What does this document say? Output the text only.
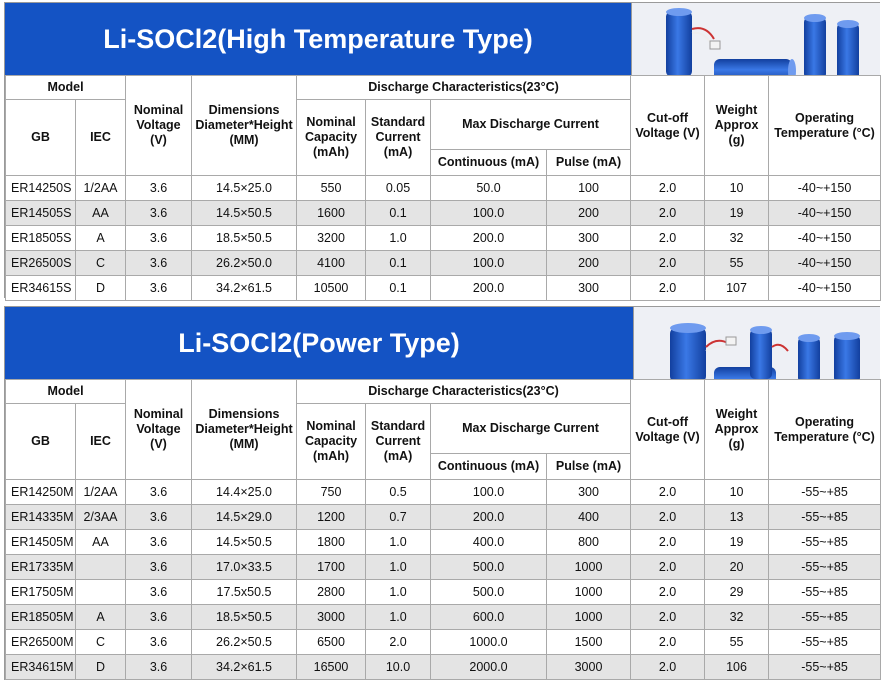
Li-SOCl2(High Temperature Type)
Model		Nominal Voltage (V)	Dimensions Diameter*Height (MM)	Discharge Characteristics(23°C)				Cut-off Voltage (V)	Weight Approx (g)	Operating Temperature (°C)
GB	IEC			Nominal Capacity (mAh)	Standard Current (mA)	Max Discharge Current				
						Continuous (mA)	Pulse (mA)			
ER14250S	1/2AA	3.6	14.5×25.0	550	0.05	50.0	100	2.0	10	-40~+150
ER14505S	AA	3.6	14.5×50.5	1600	0.1	100.0	200	2.0	19	-40~+150
ER18505S	A	3.6	18.5×50.5	3200	1.0	200.0	300	2.0	32	-40~+150
ER26500S	C	3.6	26.2×50.0	4100	0.1	100.0	200	2.0	55	-40~+150
ER34615S	D	3.6	34.2×61.5	10500	0.1	200.0	300	2.0	107	-40~+150
Li-SOCl2(Power Type)
Model		Nominal Voltage (V)	Dimensions Diameter*Height (MM)	Discharge Characteristics(23°C)				Cut-off Voltage (V)	Weight Approx (g)	Operating Temperature (°C)
GB	IEC			Nominal Capacity (mAh)	Standard Current (mA)	Max Discharge Current				
						Continuous (mA)	Pulse (mA)			
ER14250M	1/2AA	3.6	14.4×25.0	750	0.5	100.0	300	2.0	10	-55~+85
ER14335M	2/3AA	3.6	14.5×29.0	1200	0.7	200.0	400	2.0	13	-55~+85
ER14505M	AA	3.6	14.5×50.5	1800	1.0	400.0	800	2.0	19	-55~+85
ER17335M		3.6	17.0×33.5	1700	1.0	500.0	1000	2.0	20	-55~+85
ER17505M		3.6	17.5x50.5	2800	1.0	500.0	1000	2.0	29	-55~+85
ER18505M	A	3.6	18.5×50.5	3000	1.0	600.0	1000	2.0	32	-55~+85
ER26500M	C	3.6	26.2×50.5	6500	2.0	1000.0	1500	2.0	55	-55~+85
ER34615M	D	3.6	34.2×61.5	16500	10.0	2000.0	3000	2.0	106	-55~+85
